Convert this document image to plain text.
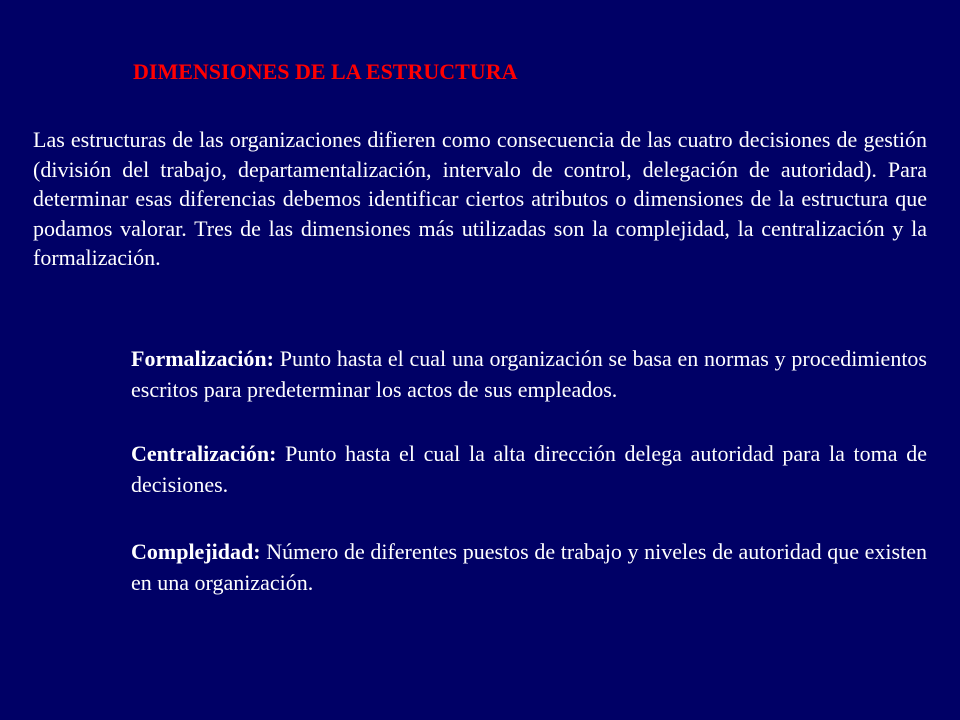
DIMENSIONES DE LA ESTRUCTURA

Las estructuras de las organizaciones difieren como consecuencia de las cuatro decisiones de gestión (división del trabajo, departamentalización, intervalo de control, delegación de autoridad). Para determinar esas diferencias debemos identificar ciertos atributos o dimensiones de la estructura que podamos valorar. Tres de las dimensiones más utilizadas son la complejidad, la centralización y la formalización.

Formalización: Punto hasta el cual una organización se basa en normas y procedimientos escritos para predeterminar los actos de sus empleados.

Centralización: Punto hasta el cual la alta dirección delega autoridad para la toma de decisiones.

Complejidad: Número de diferentes puestos de trabajo y niveles de autoridad que existen en una organización.
